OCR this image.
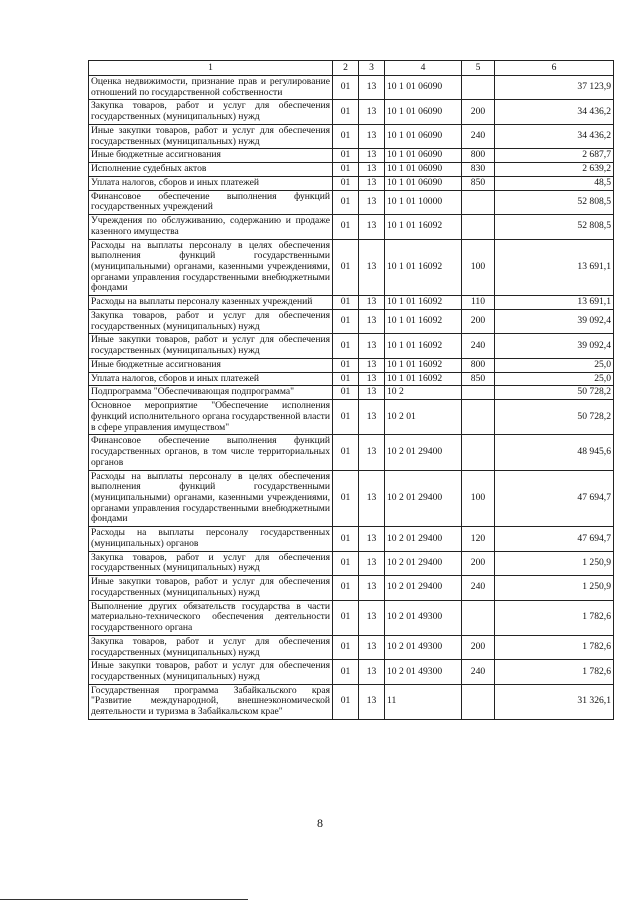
1	2	3	4	5	6
Оценка недвижимости, признание прав и регулирование отношений по государственной собственности	01	13	10 1 01 06090		37 123,9
Закупка товаров, работ и услуг для обеспечения государственных (муниципальных) нужд	01	13	10 1 01 06090	200	34 436,2
Иные закупки товаров, работ и услуг для обеспечения государственных (муниципальных) нужд	01	13	10 1 01 06090	240	34 436,2
Иные бюджетные ассигнования	01	13	10 1 01 06090	800	2 687,7
Исполнение судебных актов	01	13	10 1 01 06090	830	2 639,2
Уплата налогов, сборов и иных платежей	01	13	10 1 01 06090	850	48,5
Финансовое обеспечение выполнения функций государственных учреждений	01	13	10 1 01 10000		52 808,5
Учреждения по обслуживанию, содержанию и продаже казенного имущества	01	13	10 1 01 16092		52 808,5
Расходы на выплаты персоналу в целях обеспечения выполнения функций государственными (муниципальными) органами, казенными учреждениями, органами управления государственными внебюджетными фондами	01	13	10 1 01 16092	100	13 691,1
Расходы на выплаты персоналу казенных учреждений	01	13	10 1 01 16092	110	13 691,1
Закупка товаров, работ и услуг для обеспечения государственных (муниципальных) нужд	01	13	10 1 01 16092	200	39 092,4
Иные закупки товаров, работ и услуг для обеспечения государственных (муниципальных) нужд	01	13	10 1 01 16092	240	39 092,4
Иные бюджетные ассигнования	01	13	10 1 01 16092	800	25,0
Уплата налогов, сборов и иных платежей	01	13	10 1 01 16092	850	25,0
Подпрограмма "Обеспечивающая подпрограмма"	01	13	10 2		50 728,2
Основное мероприятие "Обеспечение исполнения функций исполнительного органа государственной власти в сфере управления имуществом"	01	13	10 2 01		50 728,2
Финансовое обеспечение выполнения функций государственных органов, в том числе территориальных органов	01	13	10 2 01 29400		48 945,6
Расходы на выплаты персоналу в целях обеспечения выполнения функций государственными (муниципальными) органами, казенными учреждениями, органами управления государственными внебюджетными фондами	01	13	10 2 01 29400	100	47 694,7
Расходы на выплаты персоналу государственных (муниципальных) органов	01	13	10 2 01 29400	120	47 694,7
Закупка товаров, работ и услуг для обеспечения государственных (муниципальных) нужд	01	13	10 2 01 29400	200	1 250,9
Иные закупки товаров, работ и услуг для обеспечения государственных (муниципальных) нужд	01	13	10 2 01 29400	240	1 250,9
Выполнение других обязательств государства в части материально-технического обеспечения деятельности государственного органа	01	13	10 2 01 49300		1 782,6
Закупка товаров, работ и услуг для обеспечения государственных (муниципальных) нужд	01	13	10 2 01 49300	200	1 782,6
Иные закупки товаров, работ и услуг для обеспечения государственных (муниципальных) нужд	01	13	10 2 01 49300	240	1 782,6
Государственная программа Забайкальского края "Развитие международной, внешнеэкономической деятельности и туризма в Забайкальском крае"	01	13	11		31 326,1
8
